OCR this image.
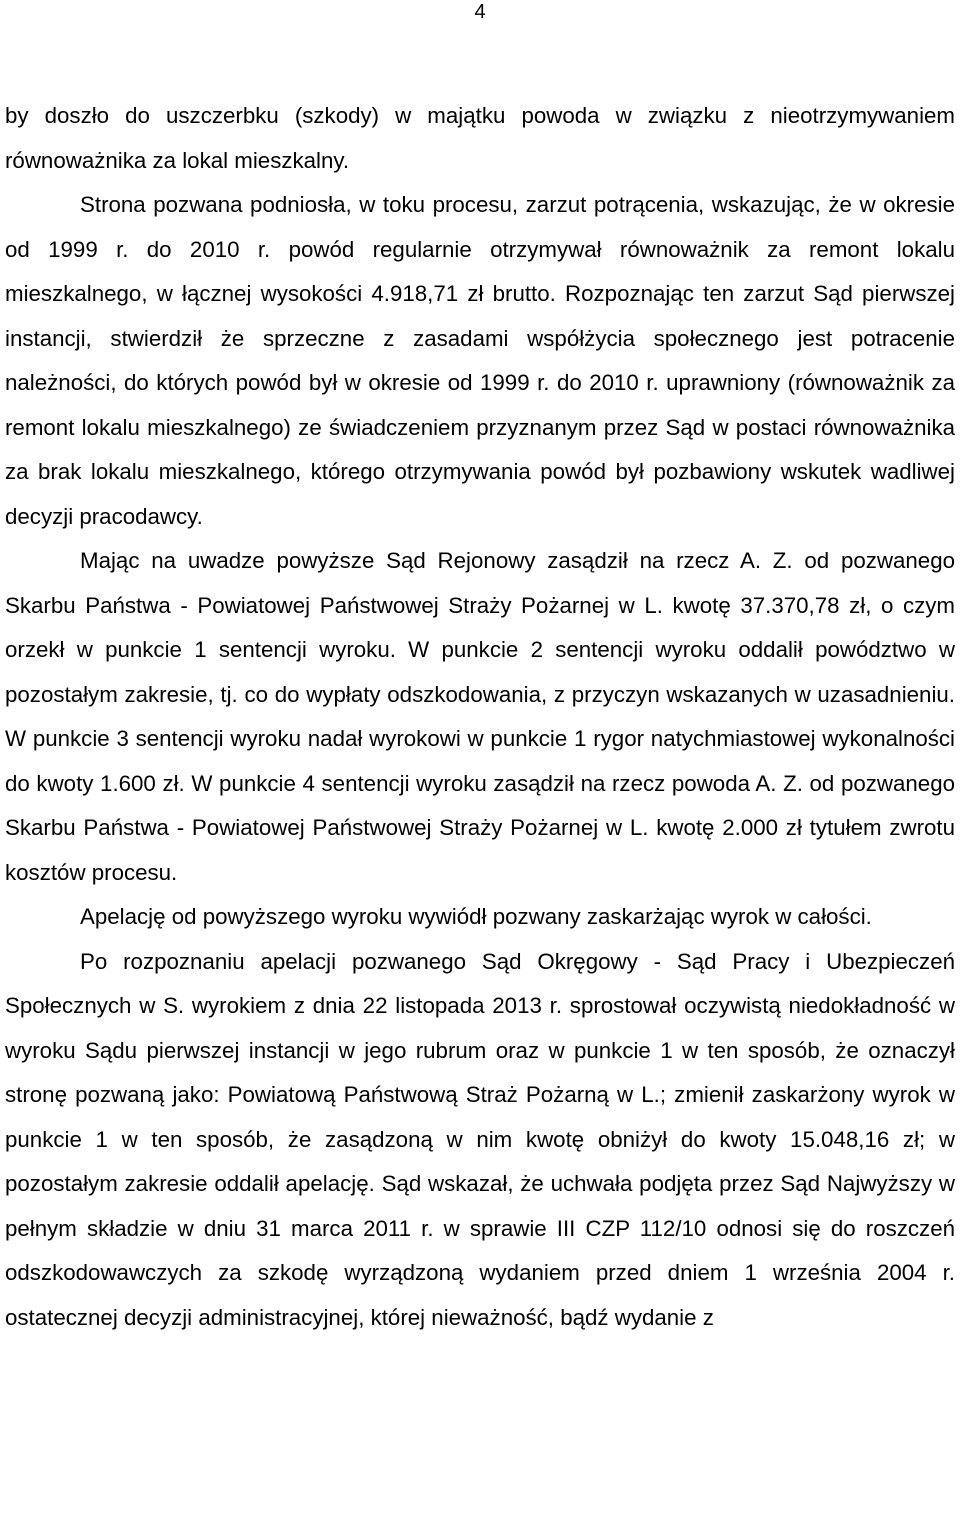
4

by doszło do uszczerbku (szkody) w majątku powoda w związku z nieotrzymywaniem równoważnika za lokal mieszkalny.

Strona pozwana podniosła, w toku procesu, zarzut potrącenia, wskazując, że w okresie od 1999 r. do 2010 r. powód regularnie otrzymywał równoważnik za remont lokalu mieszkalnego, w łącznej wysokości 4.918,71 zł brutto. Rozpoznając ten zarzut Sąd pierwszej instancji, stwierdził że sprzeczne z zasadami współżycia społecznego jest potracenie należności, do których powód był w okresie od 1999 r. do 2010 r. uprawniony (równoważnik za remont lokalu mieszkalnego) ze świadczeniem przyznanym przez Sąd w postaci równoważnika za brak lokalu mieszkalnego, którego otrzymywania powód był pozbawiony wskutek wadliwej decyzji pracodawcy.

Mając na uwadze powyższe Sąd Rejonowy zasądził na rzecz A. Z. od pozwanego Skarbu Państwa - Powiatowej Państwowej Straży Pożarnej w L. kwotę 37.370,78 zł, o czym orzekł w punkcie 1 sentencji wyroku. W punkcie 2 sentencji wyroku oddalił powództwo w pozostałym zakresie, tj. co do wypłaty odszkodowania, z przyczyn wskazanych w uzasadnieniu. W punkcie 3 sentencji wyroku nadał wyrokowi w punkcie 1 rygor natychmiastowej wykonalności do kwoty 1.600 zł. W punkcie 4 sentencji wyroku zasądził na rzecz powoda A. Z. od pozwanego Skarbu Państwa - Powiatowej Państwowej Straży Pożarnej w L. kwotę 2.000 zł tytułem zwrotu kosztów procesu.

Apelację od powyższego wyroku wywiódł pozwany zaskarżając wyrok w całości.

Po rozpoznaniu apelacji pozwanego Sąd Okręgowy - Sąd Pracy i Ubezpieczeń Społecznych w S. wyrokiem z dnia 22 listopada 2013 r. sprostował oczywistą niedokładność w wyroku Sądu pierwszej instancji w jego rubrum oraz w punkcie 1 w ten sposób, że oznaczył stronę pozwaną jako: Powiatową Państwową Straż Pożarną w L.; zmienił zaskarżony wyrok w punkcie 1 w ten sposób, że zasądzoną w nim kwotę obniżył do kwoty 15.048,16 zł; w pozostałym zakresie oddalił apelację. Sąd wskazał, że uchwała podjęta przez Sąd Najwyższy w pełnym składzie w dniu 31 marca 2011 r. w sprawie III CZP 112/10 odnosi się do roszczeń odszkodowawczych za szkodę wyrządzoną wydaniem przed dniem 1 września 2004 r. ostatecznej decyzji administracyjnej, której nieważność, bądź wydanie z
